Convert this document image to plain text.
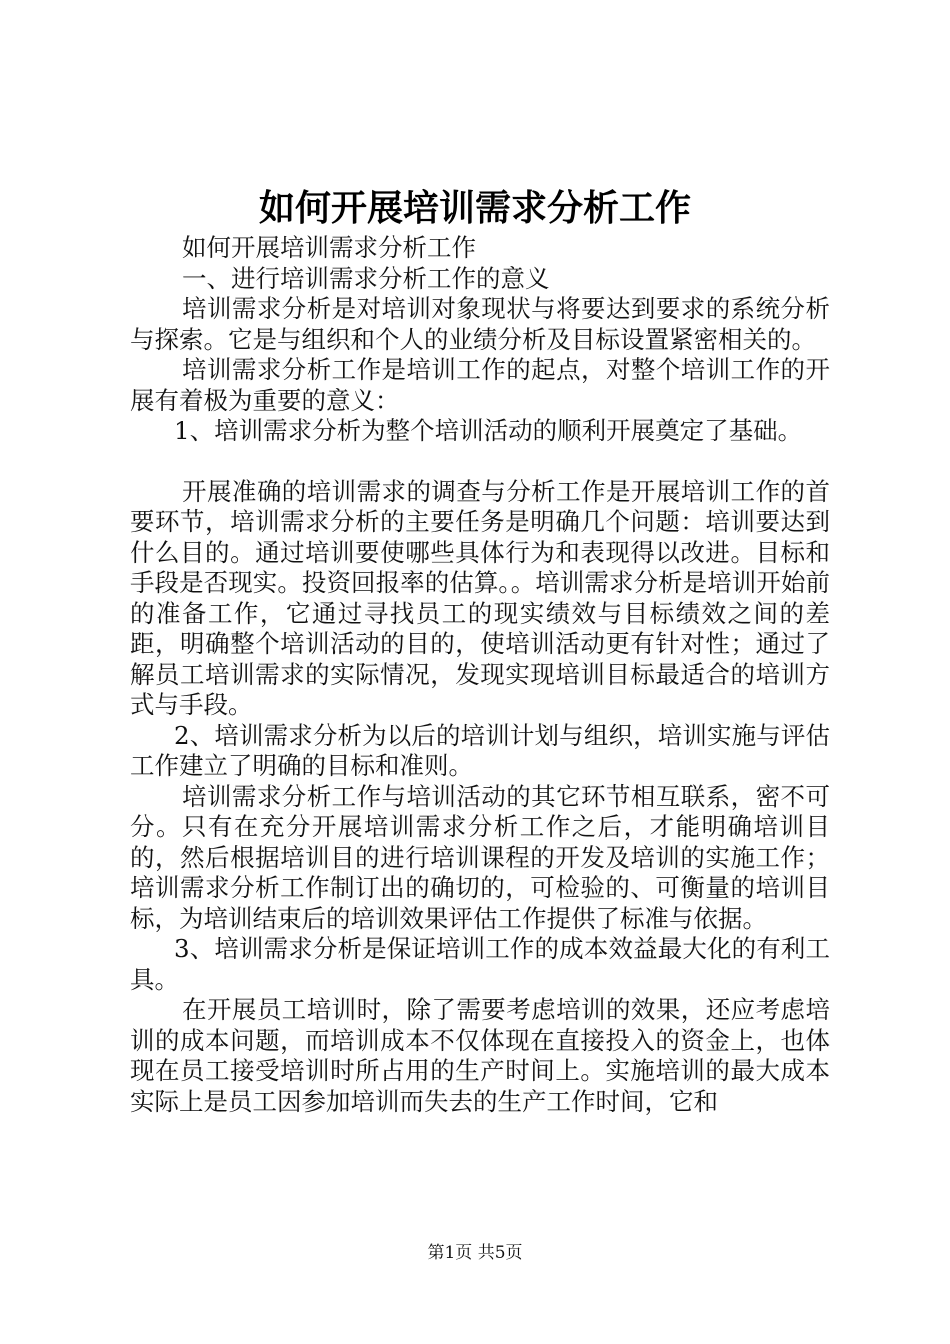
如何开展培训需求分析工作

如何开展培训需求分析工作

一、进行培训需求分析工作的意义

培训需求分析是对培训对象现状与将要达到要求的系统分析与探索。它是与组织和个人的业绩分析及目标设置紧密相关的。

培训需求分析工作是培训工作的起点，对整个培训工作的开展有着极为重要的意义：

1、培训需求分析为整个培训活动的顺利开展奠定了基础。

开展准确的培训需求的调查与分析工作是开展培训工作的首要环节，培训需求分析的主要任务是明确几个问题：培训要达到什么目的。通过培训要使哪些具体行为和表现得以改进。目标和手段是否现实。投资回报率的估算。。培训需求分析是培训开始前的准备工作，它通过寻找员工的现实绩效与目标绩效之间的差距，明确整个培训活动的目的，使培训活动更有针对性；通过了解员工培训需求的实际情况，发现实现培训目标最适合的培训方式与手段。

2、培训需求分析为以后的培训计划与组织，培训实施与评估工作建立了明确的目标和准则。

培训需求分析工作与培训活动的其它环节相互联系，密不可分。只有在充分开展培训需求分析工作之后，才能明确培训目的，然后根据培训目的进行培训课程的开发及培训的实施工作；培训需求分析工作制订出的确切的，可检验的、可衡量的培训目标，为培训结束后的培训效果评估工作提供了标准与依据。

3、培训需求分析是保证培训工作的成本效益最大化的有利工具。

在开展员工培训时，除了需要考虑培训的效果，还应考虑培训的成本问题，而培训成本不仅体现在直接投入的资金上，也体现在员工接受培训时所占用的生产时间上。实施培训的最大成本实际上是员工因参加培训而失去的生产工作时间，它和

第1页 共5页
